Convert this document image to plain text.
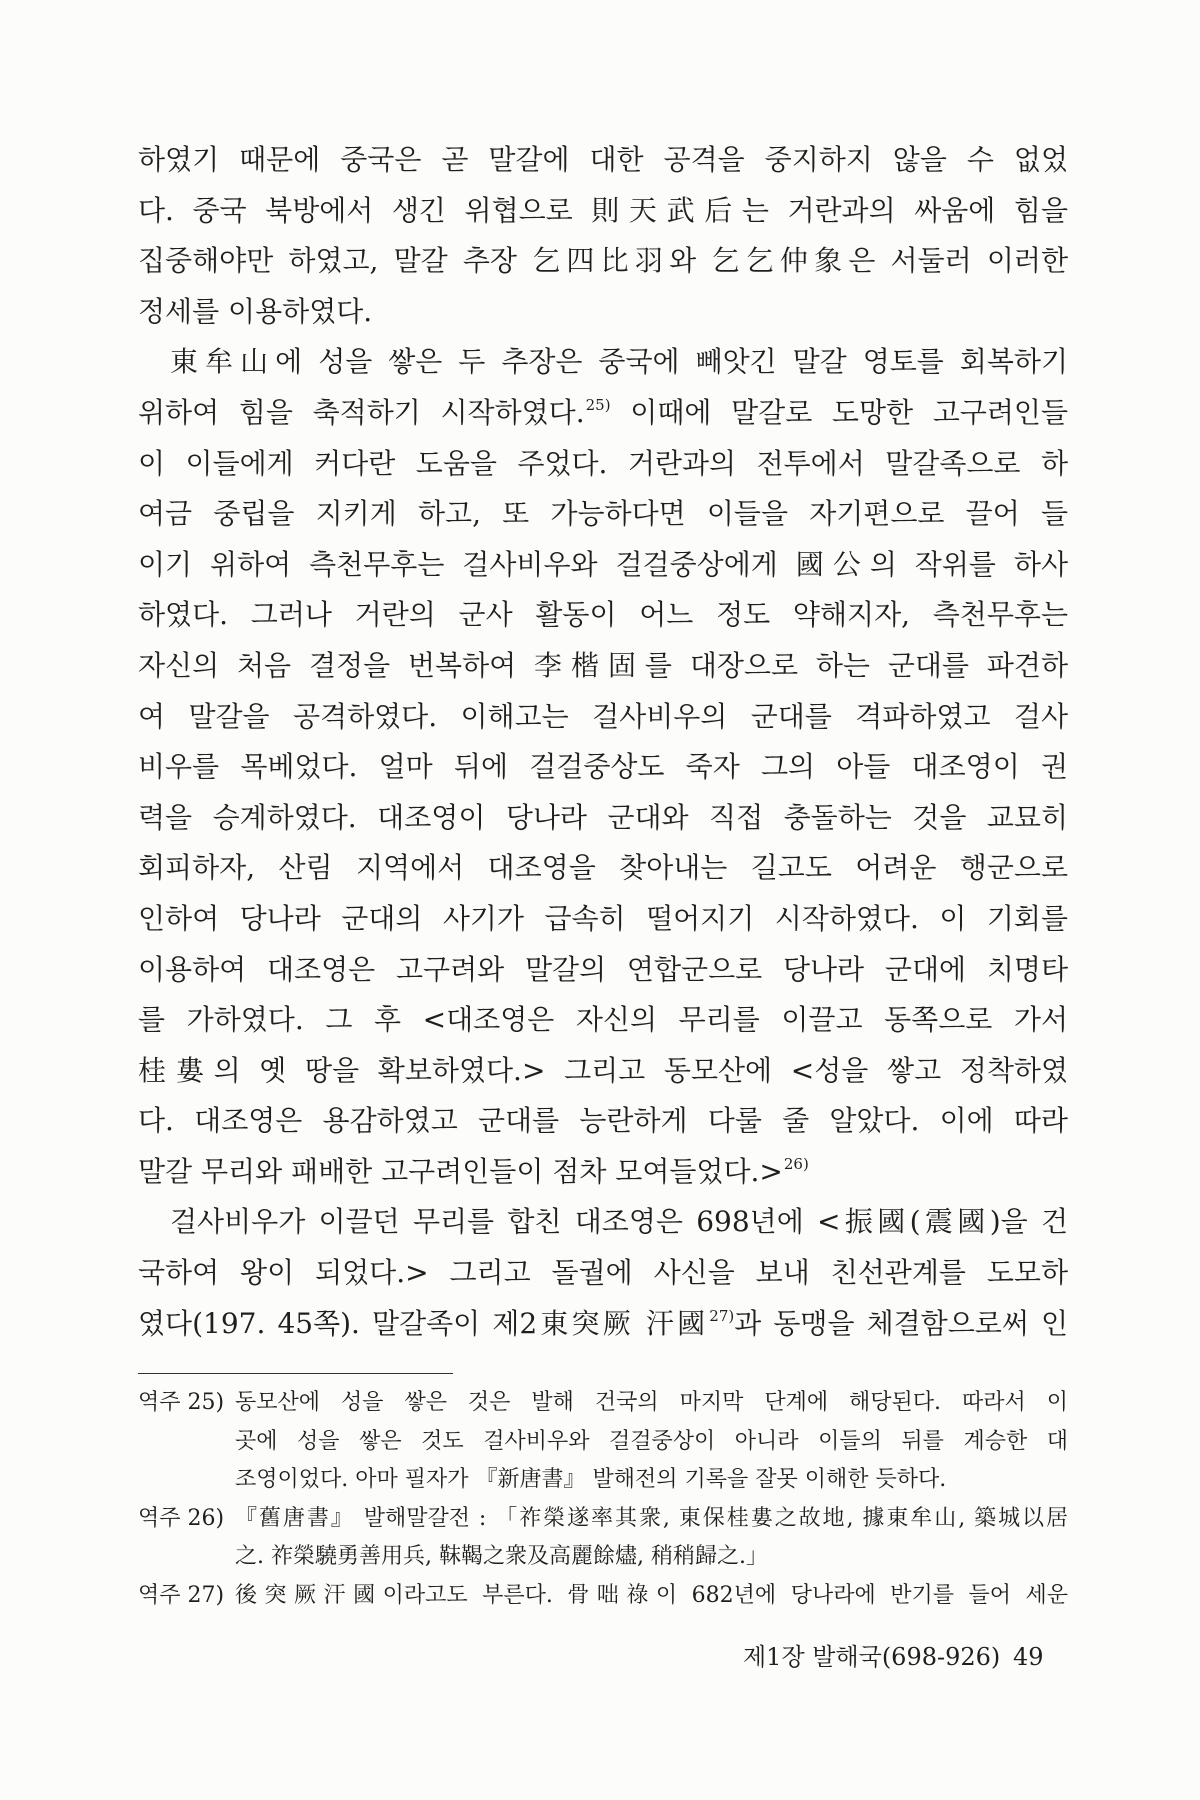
하였기 때문에 중국은 곧 말갈에 대한 공격을 중지하지 않을 수 없었
다. 중국 북방에서 생긴 위협으로 則天武后는 거란과의 싸움에 힘을
집중해야만 하였고, 말갈 추장 乞四比羽와 乞乞仲象은 서둘러 이러한
정세를 이용하였다.
東牟山에 성을 쌓은 두 추장은 중국에 빼앗긴 말갈 영토를 회복하기
위하여 힘을 축적하기 시작하였다.$^{25)}$ 이때에 말갈로 도망한 고구려인들
이 이들에게 커다란 도움을 주었다. 거란과의 전투에서 말갈족으로 하
여금 중립을 지키게 하고, 또 가능하다면 이들을 자기편으로 끌어 들
이기 위하여 측천무후는 걸사비우와 걸걸중상에게 國公의 작위를 하사
하였다. 그러나 거란의 군사 활동이 어느 정도 약해지자, 측천무후는
자신의 처음 결정을 번복하여 李楷固를 대장으로 하는 군대를 파견하
여 말갈을 공격하였다. 이해고는 걸사비우의 군대를 격파하였고 걸사
비우를 목베었다. 얼마 뒤에 걸걸중상도 죽자 그의 아들 대조영이 권
력을 승계하였다. 대조영이 당나라 군대와 직접 충돌하는 것을 교묘히
회피하자, 산림 지역에서 대조영을 찾아내는 길고도 어려운 행군으로
인하여 당나라 군대의 사기가 급속히 떨어지기 시작하였다. 이 기회를
이용하여 대조영은 고구려와 말갈의 연합군으로 당나라 군대에 치명타
를 가하였다. 그 후 <대조영은 자신의 무리를 이끌고 동쪽으로 가서
桂婁의 옛 땅을 확보하였다.> 그리고 동모산에 <성을 쌓고 정착하였
다. 대조영은 용감하였고 군대를 능란하게 다룰 줄 알았다. 이에 따라
말갈 무리와 패배한 고구려인들이 점차 모여들었다.>$^{26)}$
걸사비우가 이끌던 무리를 합친 대조영은 698년에 <振國(震國)을 건
국하여 왕이 되었다.> 그리고 돌궐에 사신을 보내 친선관계를 도모하
였다(197. 45쪽). 말갈족이 제2東突厥 汗國$^{27)}$과 동맹을 체결함으로써 인
역주 25) 동모산에 성을 쌓은 것은 발해 건국의 마지막 단계에 해당된다. 따라서 이
곳에 성을 쌓은 것도 걸사비우와 걸걸중상이 아니라 이들의 뒤를 계승한 대
조영이었다. 아마 필자가 『新唐書』 발해전의 기록을 잘못 이해한 듯하다.
역주 26) 『舊唐書』 발해말갈전 : 「祚榮遂率其衆, 東保桂婁之故地, 據東牟山, 築城以居
之. 祚榮驍勇善用兵, 靺鞨之衆及高麗餘燼, 稍稍歸之.」
역주 27) 後突厥汗國이라고도 부른다. 骨咄祿이 682년에 당나라에 반기를 들어 세운
제1장 발해국(698-926) 49
